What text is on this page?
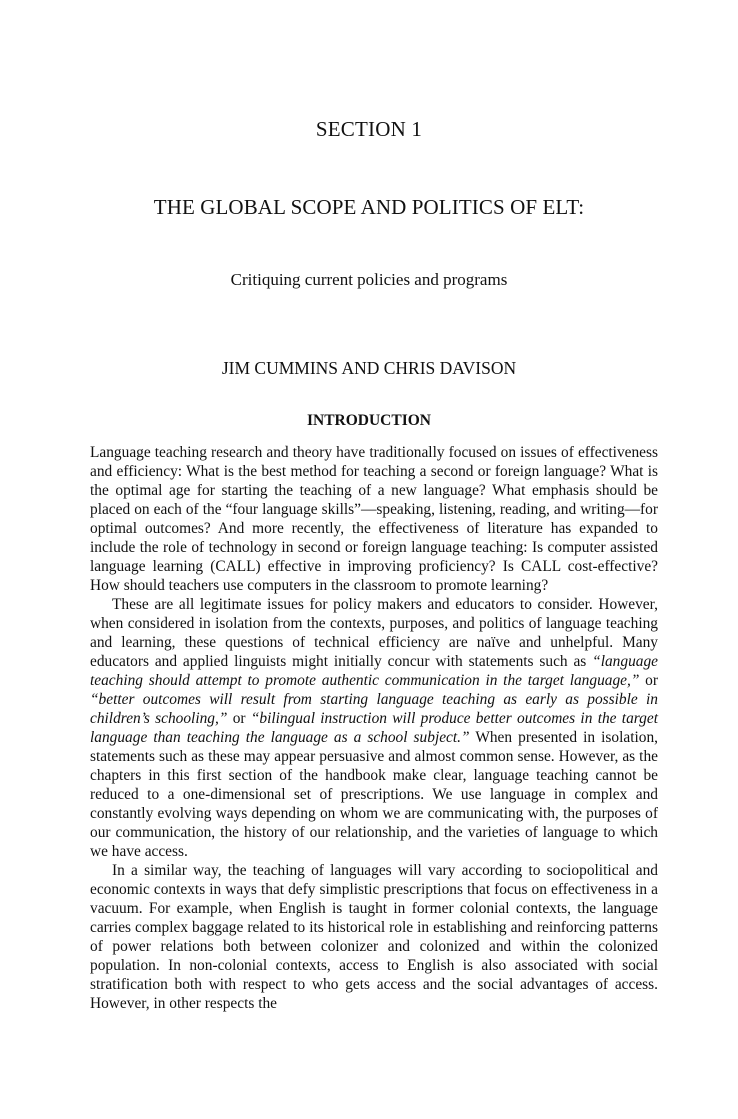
SECTION 1
THE GLOBAL SCOPE AND POLITICS OF ELT:
Critiquing current policies and programs
JIM CUMMINS AND CHRIS DAVISON
INTRODUCTION

Language teaching research and theory have traditionally focused on issues of effectiveness and efficiency: What is the best method for teaching a second or foreign language? What is the optimal age for starting the teaching of a new language? What emphasis should be placed on each of the “four language skills”—speaking, listening, reading, and writing—for optimal outcomes? And more recently, the effectiveness of literature has expanded to include the role of technology in second or foreign language teaching: Is computer assisted language learning (CALL) effective in improving proficiency? Is CALL cost-effective? How should teachers use computers in the classroom to promote learning?

These are all legitimate issues for policy makers and educators to consider. However, when considered in isolation from the contexts, purposes, and politics of language teaching and learning, these questions of technical efficiency are naïve and unhelpful. Many educators and applied linguists might initially concur with statements such as “language teaching should attempt to promote authentic communication in the target language,” or “better outcomes will result from starting language teaching as early as possible in children’s schooling,” or “bilingual instruction will produce better outcomes in the target language than teaching the language as a school subject.” When presented in isolation, statements such as these may appear persuasive and almost common sense. However, as the chapters in this first section of the handbook make clear, language teaching cannot be reduced to a one-dimensional set of prescriptions. We use language in complex and constantly evolving ways depending on whom we are communicating with, the purposes of our communication, the history of our relationship, and the varieties of language to which we have access.

In a similar way, the teaching of languages will vary according to sociopolitical and economic contexts in ways that defy simplistic prescriptions that focus on effectiveness in a vacuum. For example, when English is taught in former colonial contexts, the language carries complex baggage related to its historical role in establishing and reinforcing patterns of power relations both between colonizer and colonized and within the colonized population. In non-colonial contexts, access to English is also associated with social stratification both with respect to who gets access and the social advantages of access. However, in other respects the
